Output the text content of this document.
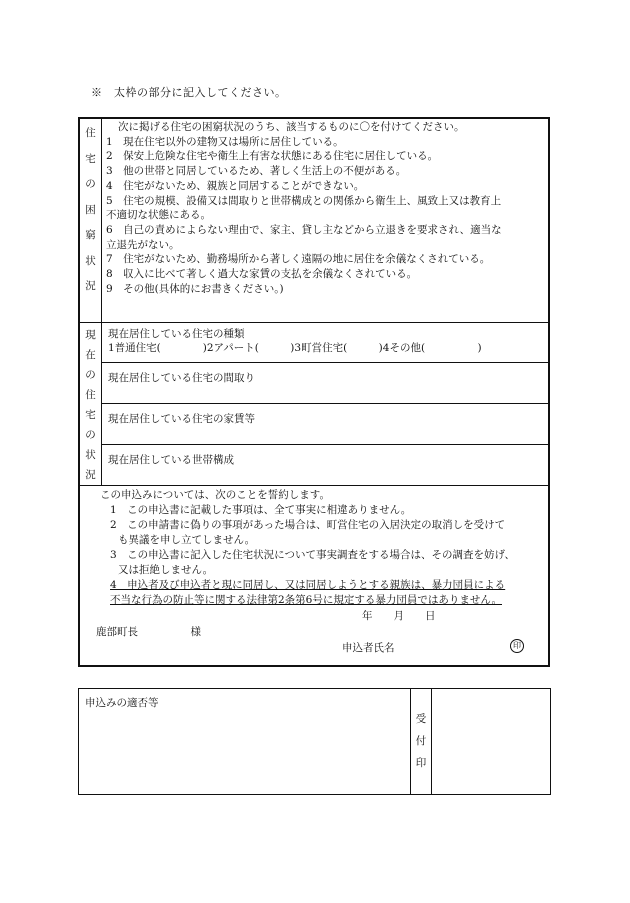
※　太枠の部分に記入してください。
住
宅
の
困
窮
状
況
次に掲げる住宅の困窮状況のうち、該当するものに〇を付けてください。
1　現在住宅以外の建物又は場所に居住している。
2　保安上危険な住宅や衛生上有害な状態にある住宅に居住している。
3　他の世帯と同居しているため、著しく生活上の不便がある。
4　住宅がないため、親族と同居することができない。
5　住宅の規模、設備又は間取りと世帯構成との関係から衛生上、風致上又は教育上
不適切な状態にある。
6　自己の責めによらない理由で、家主、貸し主などから立退きを要求され、適当な
立退先がない。
7　住宅がないため、勤務場所から著しく遠隔の地に居住を余儀なくされている。
8　収入に比べて著しく過大な家賃の支払を余儀なくされている。
9　その他(具体的にお書きください。)
現
在
の
住
宅
の
状
況
現在居住している住宅の種類
1普通住宅(　　　　)2アパート(　　　)3町営住宅(　　　)4その他(　　　　　)
現在居住している住宅の間取り
現在居住している住宅の家賃等
現在居住している世帯構成
この申込みについては、次のことを誓約します。
1　この申込書に記載した事項は、全て事実に相違ありません。
2　この申請書に偽りの事項があった場合は、町営住宅の入居決定の取消しを受けて
も異議を申し立てしません。
3　この申込書に記入した住宅状況について事実調査をする場合は、その調査を妨げ、
又は拒絶しません。
4　申込者及び申込者と現に同居し、又は同居しようとする親族は、暴力団員による
不当な行為の防止等に関する法律第2条第6号に規定する暴力団員ではありません。
年　　月　　日
鹿部町長　　　　　様
申込者氏名	印
申込みの適否等
受
付
印
